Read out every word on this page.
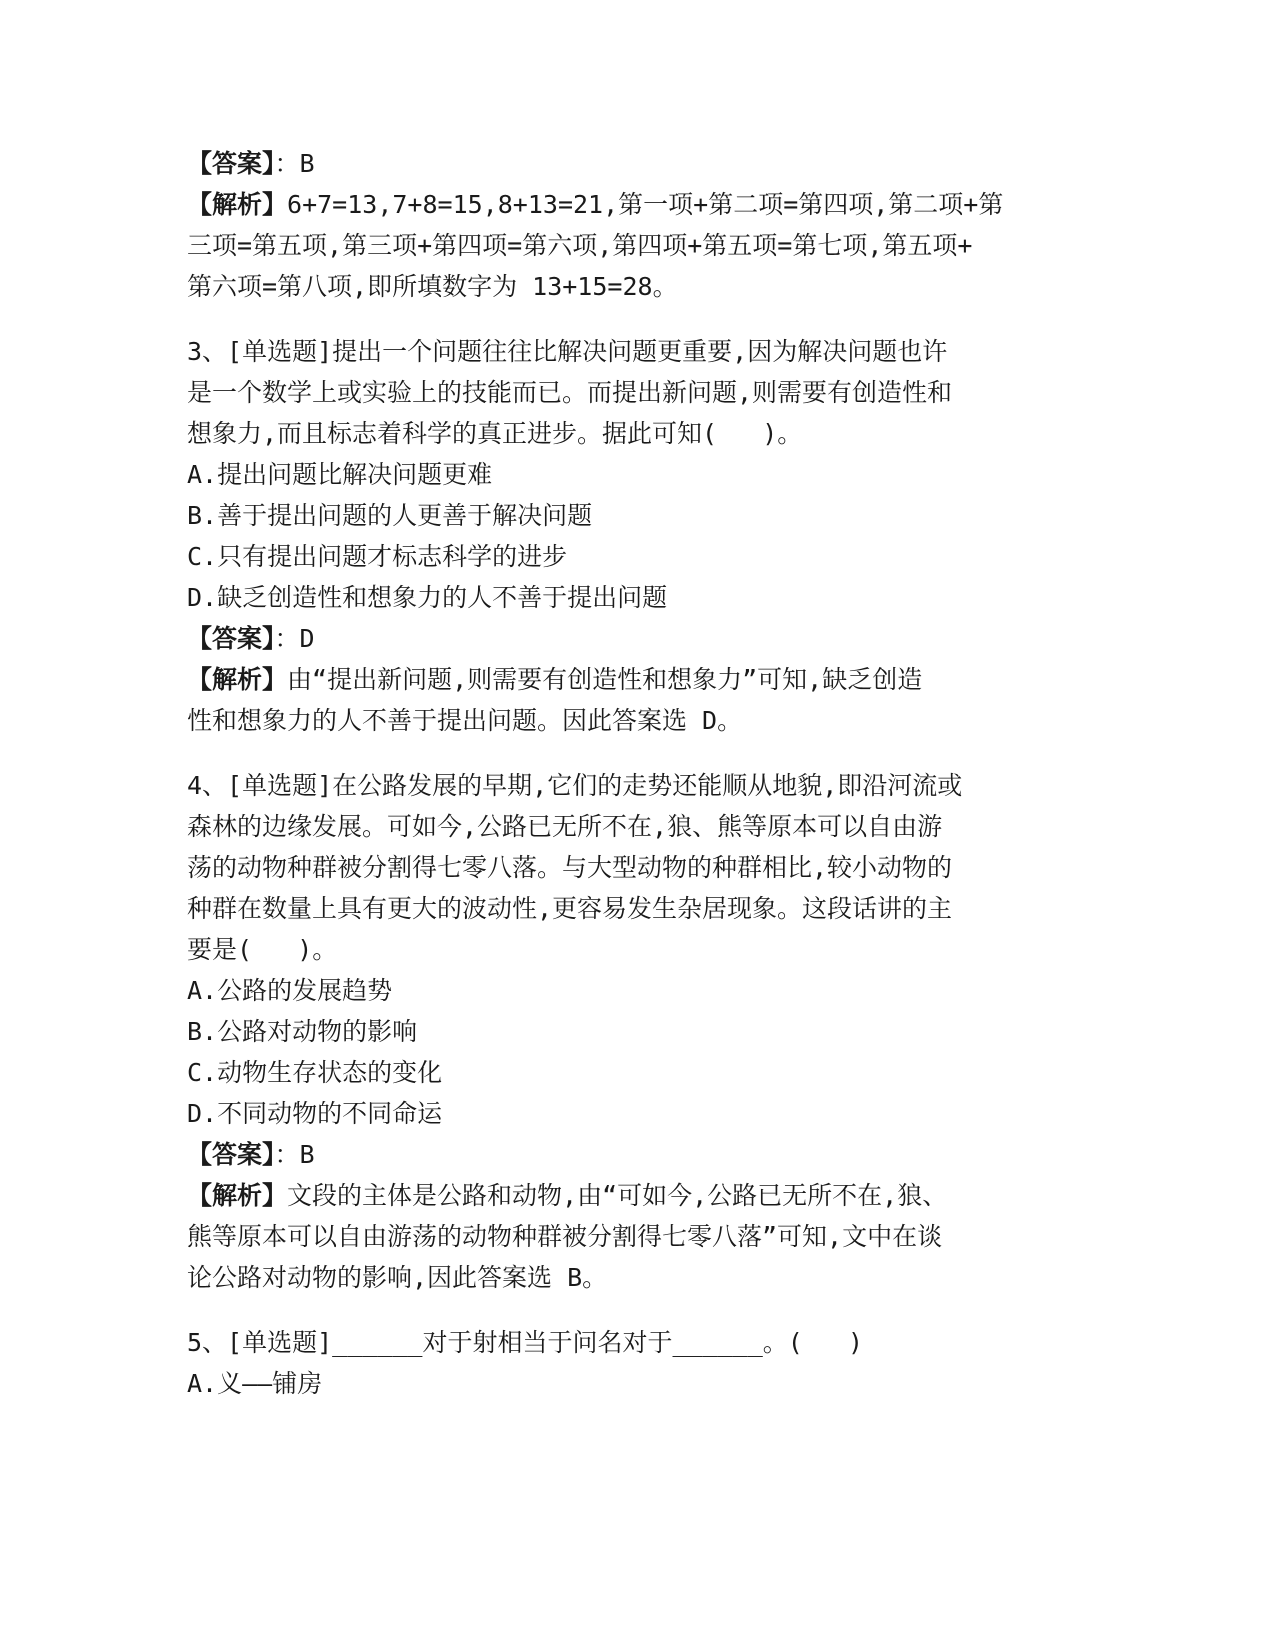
【答案】：B
【解析】6+7=13,7+8=15,8+13=21,第一项+第二项=第四项,第二项+第
三项=第五项,第三项+第四项=第六项,第四项+第五项=第七项,第五项+
第六项=第八项,即所填数字为 13+15=28。
3、[单选题]提出一个问题往往比解决问题更重要,因为解决问题也许
是一个数学上或实验上的技能而已。而提出新问题,则需要有创造性和
想象力,而且标志着科学的真正进步。据此可知(   )。
A.提出问题比解决问题更难
B.善于提出问题的人更善于解决问题
C.只有提出问题才标志科学的进步
D.缺乏创造性和想象力的人不善于提出问题
【答案】：D
【解析】由“提出新问题,则需要有创造性和想象力”可知,缺乏创造
性和想象力的人不善于提出问题。因此答案选 D。
4、[单选题]在公路发展的早期,它们的走势还能顺从地貌,即沿河流或
森林的边缘发展。可如今,公路已无所不在,狼、熊等原本可以自由游
荡的动物种群被分割得七零八落。与大型动物的种群相比,较小动物的
种群在数量上具有更大的波动性,更容易发生杂居现象。这段话讲的主
要是(   )。
A.公路的发展趋势
B.公路对动物的影响
C.动物生存状态的变化
D.不同动物的不同命运
【答案】：B
【解析】文段的主体是公路和动物,由“可如今,公路已无所不在,狼、
熊等原本可以自由游荡的动物种群被分割得七零八落”可知,文中在谈
论公路对动物的影响,因此答案选 B。
5、[单选题]______对于射相当于问名对于______。(   )
A.义——铺房
